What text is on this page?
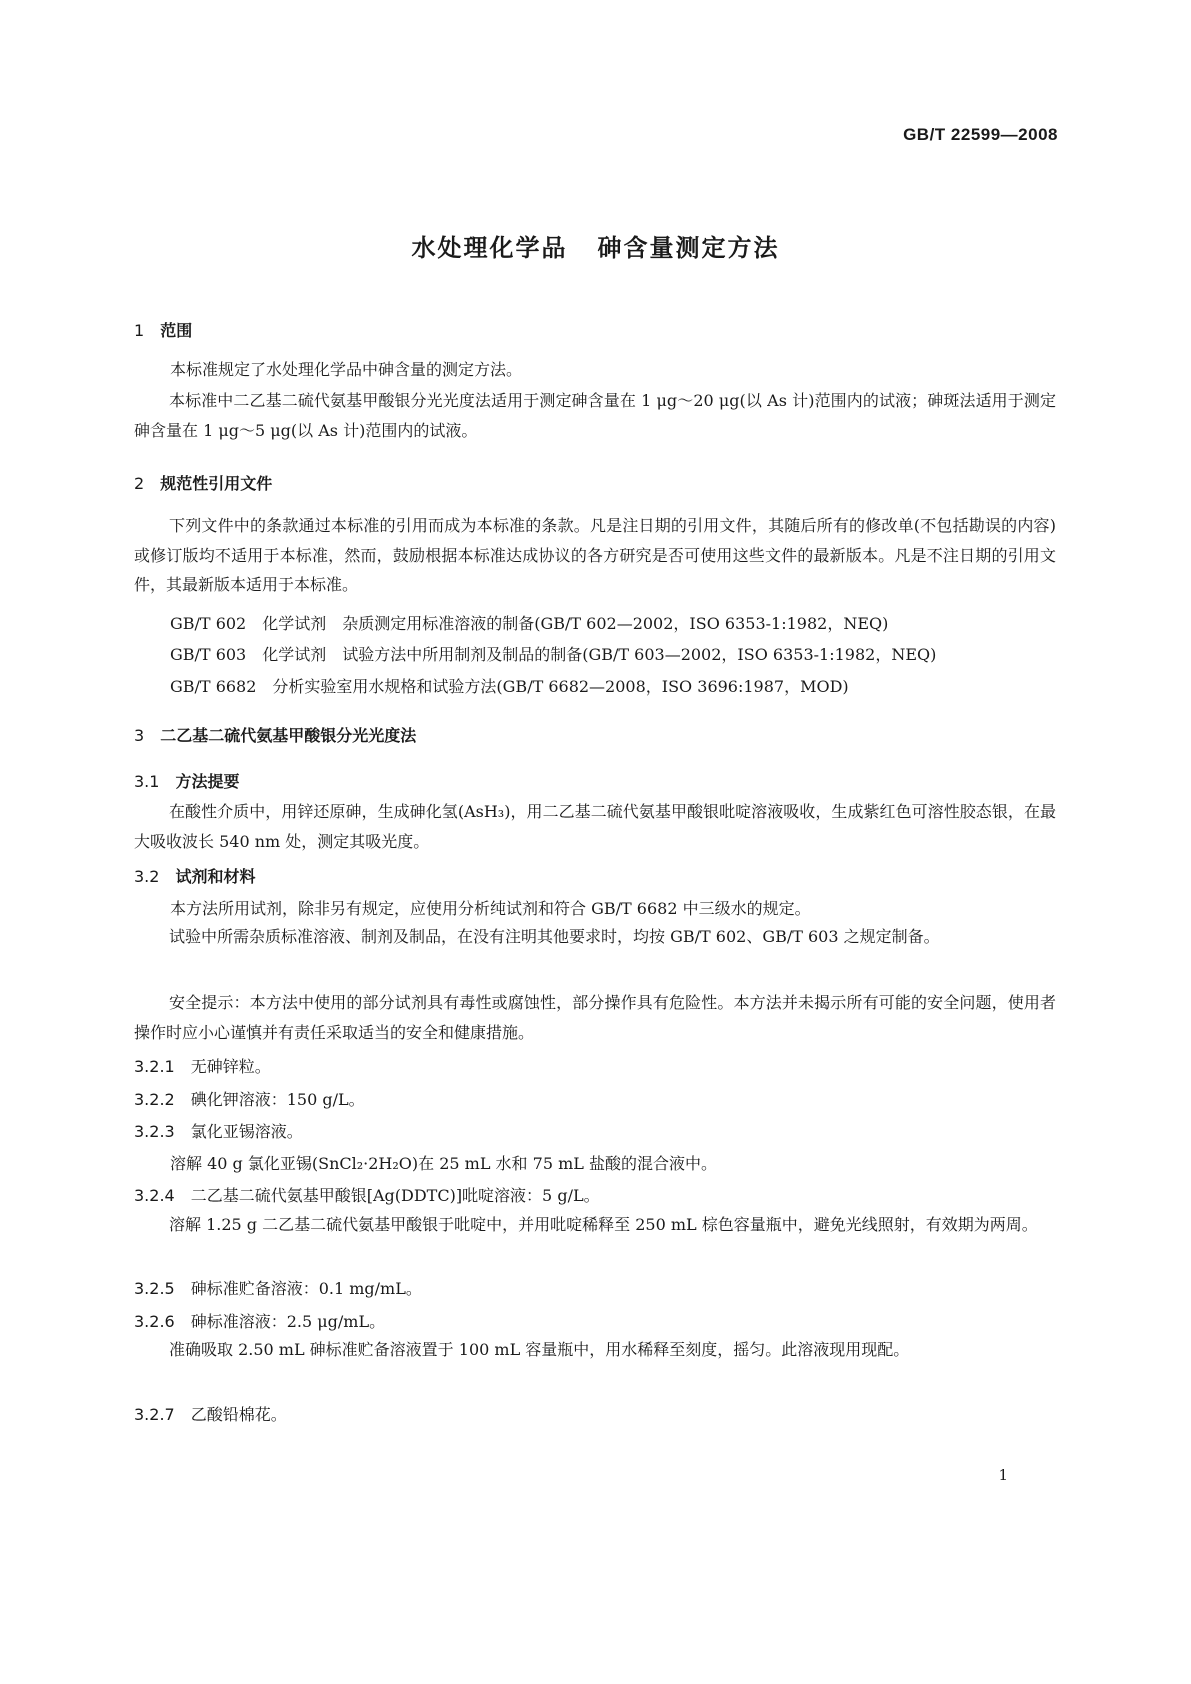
GB/T 22599—2008
水处理化学品 砷含量测定方法
1 范围
本标准规定了水处理化学品中砷含量的测定方法。
本标准中二乙基二硫代氨基甲酸银分光光度法适用于测定砷含量在 1 μg～20 μg(以 As 计)范围内的试液；砷斑法适用于测定砷含量在 1 μg～5 μg(以 As 计)范围内的试液。
2 规范性引用文件
下列文件中的条款通过本标准的引用而成为本标准的条款。凡是注日期的引用文件，其随后所有的修改单(不包括勘误的内容)或修订版均不适用于本标准，然而，鼓励根据本标准达成协议的各方研究是否可使用这些文件的最新版本。凡是不注日期的引用文件，其最新版本适用于本标准。
GB/T 602　化学试剂　杂质测定用标准溶液的制备(GB/T 602—2002，ISO 6353-1:1982，NEQ)
GB/T 603　化学试剂　试验方法中所用制剂及制品的制备(GB/T 603—2002，ISO 6353-1:1982，NEQ)
GB/T 6682　分析实验室用水规格和试验方法(GB/T 6682—2008，ISO 3696:1987，MOD)
3 二乙基二硫代氨基甲酸银分光光度法
3.1 方法提要
在酸性介质中，用锌还原砷，生成砷化氢(AsH₃)，用二乙基二硫代氨基甲酸银吡啶溶液吸收，生成紫红色可溶性胶态银，在最大吸收波长 540 nm 处，测定其吸光度。
3.2 试剂和材料
本方法所用试剂，除非另有规定，应使用分析纯试剂和符合 GB/T 6682 中三级水的规定。
试验中所需杂质标准溶液、制剂及制品，在没有注明其他要求时，均按 GB/T 602、GB/T 603 之规定制备。
安全提示：本方法中使用的部分试剂具有毒性或腐蚀性，部分操作具有危险性。本方法并未揭示所有可能的安全问题，使用者操作时应小心谨慎并有责任采取适当的安全和健康措施。
3.2.1 无砷锌粒。
3.2.2 碘化钾溶液：150 g/L。
3.2.3 氯化亚锡溶液。
溶解 40 g 氯化亚锡(SnCl₂·2H₂O)在 25 mL 水和 75 mL 盐酸的混合液中。
3.2.4 二乙基二硫代氨基甲酸银[Ag(DDTC)]吡啶溶液：5 g/L。
溶解 1.25 g 二乙基二硫代氨基甲酸银于吡啶中，并用吡啶稀释至 250 mL 棕色容量瓶中，避免光线照射，有效期为两周。
3.2.5 砷标准贮备溶液：0.1 mg/mL。
3.2.6 砷标准溶液：2.5 μg/mL。
准确吸取 2.50 mL 砷标准贮备溶液置于 100 mL 容量瓶中，用水稀释至刻度，摇匀。此溶液现用现配。
3.2.7 乙酸铅棉花。
1
